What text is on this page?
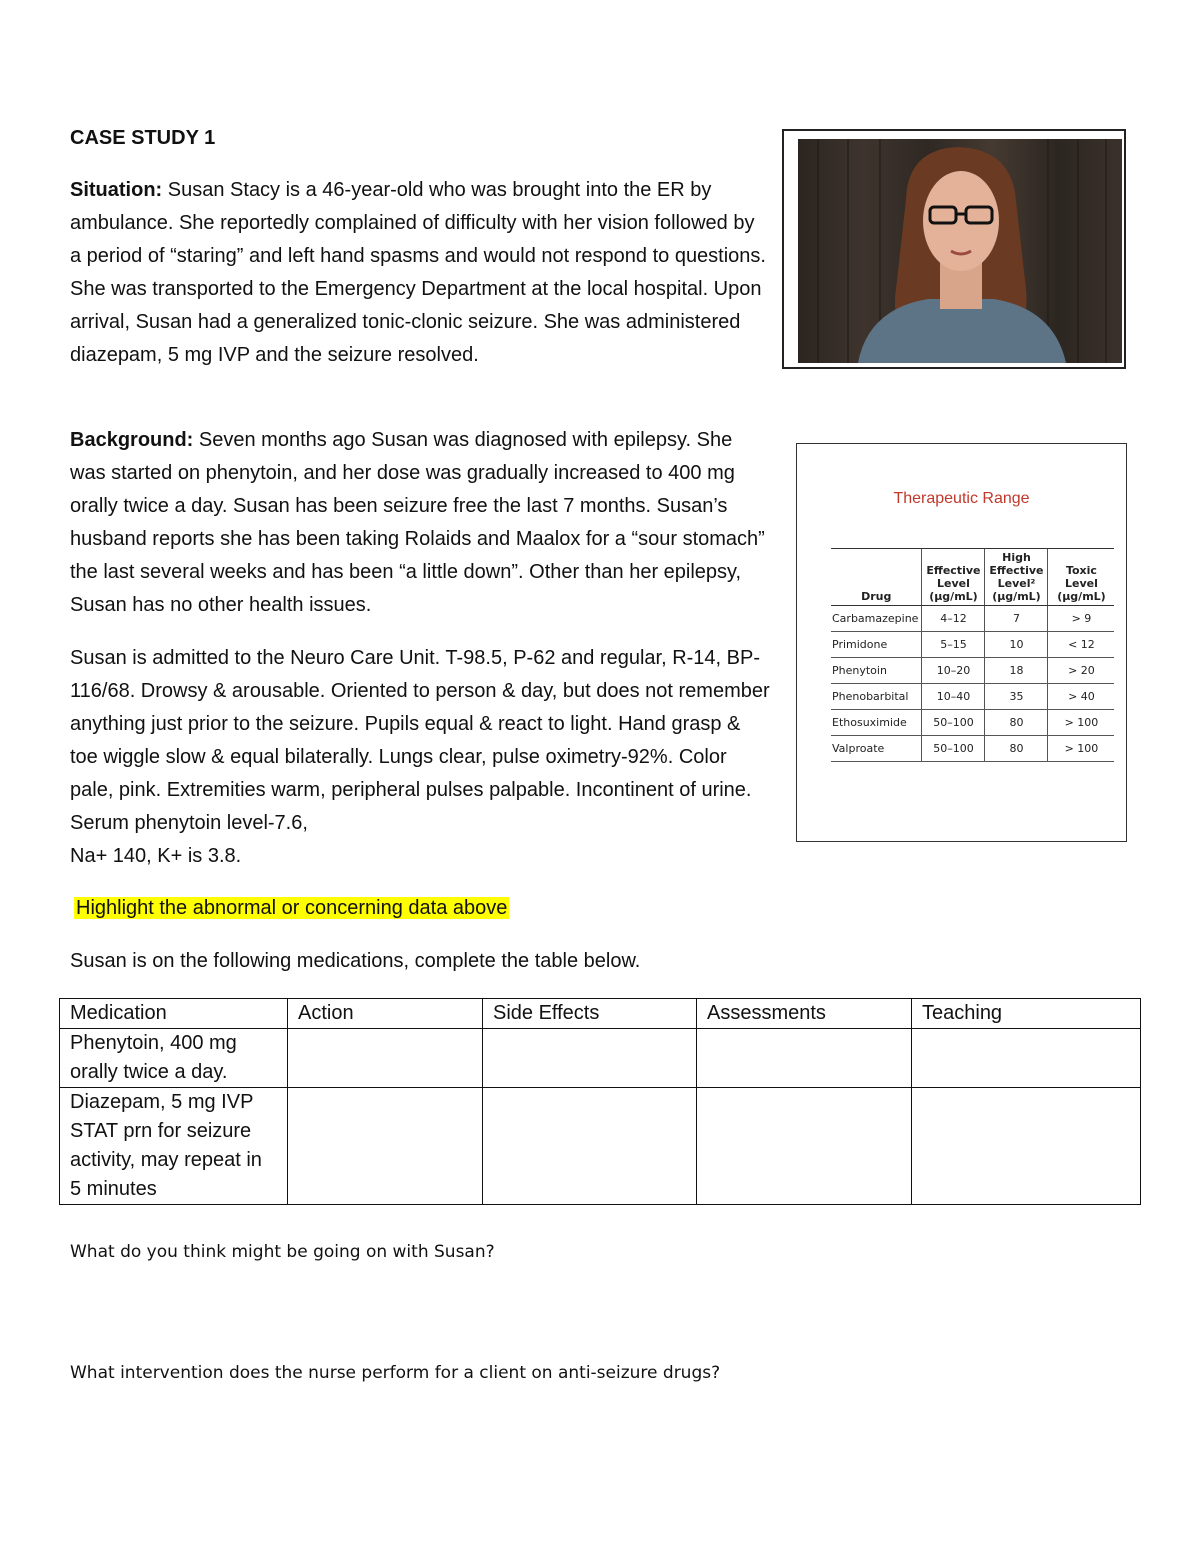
CASE STUDY 1

Situation: Susan Stacy is a 46-year-old who was brought into the ER by ambulance. She reportedly complained of difficulty with her vision followed by a period of “staring” and left hand spasms and would not respond to questions. She was transported to the Emergency Department at the local hospital. Upon arrival, Susan had a generalized tonic-clonic seizure. She was administered diazepam, 5 mg IVP and the seizure resolved.

Background: Seven months ago Susan was diagnosed with epilepsy. She was started on phenytoin, and her dose was gradually increased to 400 mg orally twice a day. Susan has been seizure free the last 7 months. Susan’s husband reports she has been taking Rolaids and Maalox for a “sour stomach” the last several weeks and has been “a little down”. Other than her epilepsy, Susan has no other health issues.

Susan is admitted to the Neuro Care Unit. T-98.5, P-62 and regular, R-14, BP-116/68. Drowsy & arousable. Oriented to person & day, but does not remember anything just prior to the seizure. Pupils equal & react to light. Hand grasp & toe wiggle slow & equal bilaterally. Lungs clear, pulse oximetry-92%. Color pale, pink. Extremities warm, peripheral pulses palpable. Incontinent of urine. Serum phenytoin level-7.6,

Na+ 140, K+ is 3.8.

Therapeutic Range
Drug	Effective Level (µg/mL)	High Effective Level² (µg/mL)	Toxic Level (µg/mL)
Carbamazepine	4–12	7	> 9
Primidone	5–15	10	< 12
Phenytoin	10–20	18	> 20
Phenobarbital	10–40	35	> 40
Ethosuximide	50–100	80	> 100
Valproate	50–100	80	> 100
Highlight the abnormal or concerning data above
Susan is on the following medications, complete the table below.
Medication	Action	Side Effects	Assessments	Teaching
Phenytoin, 400 mg orally twice a day.				
Diazepam, 5 mg IVP STAT prn for seizure activity, may repeat in 5 minutes				
What do you think might be going on with Susan?
What intervention does the nurse perform for a client on anti-seizure drugs?
